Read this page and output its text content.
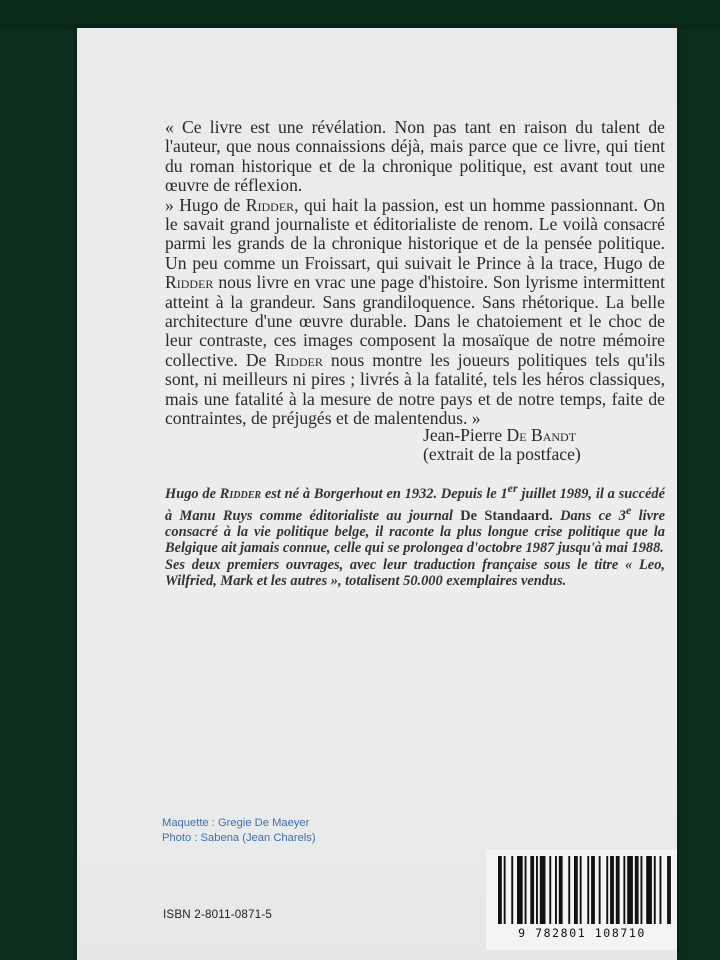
« Ce livre est une révélation. Non pas tant en raison du talent de l'auteur, que nous connaissions déjà, mais parce que ce livre, qui tient du roman historique et de la chronique politique, est avant tout une œuvre de réflexion.

» Hugo de Ridder, qui hait la passion, est un homme passionnant. On le savait grand journaliste et éditorialiste de renom. Le voilà consacré parmi les grands de la chronique historique et de la pensée politique. Un peu comme un Froissart, qui suivait le Prince à la trace, Hugo de Ridder nous livre en vrac une page d'histoire. Son lyrisme intermittent atteint à la grandeur. Sans grandiloquence. Sans rhétorique. La belle architecture d'une œuvre durable. Dans le chatoiement et le choc de leur contraste, ces images composent la mosaïque de notre mémoire collective. De Ridder nous montre les joueurs politiques tels qu'ils sont, ni meilleurs ni pires ; livrés à la fatalité, tels les héros classiques, mais une fatalité à la mesure de notre pays et de notre temps, faite de contraintes, de préjugés et de malentendus. »

Jean-Pierre De Bandt
(extrait de la postface)

Hugo de Ridder est né à Borgerhout en 1932. Depuis le 1er juillet 1989, il a succédé à Manu Ruys comme éditorialiste au journal De Standaard. Dans ce 3e livre consacré à la vie politique belge, il raconte la plus longue crise politique que la Belgique ait jamais connue, celle qui se prolongea d'octobre 1987 jusqu'à mai 1988.

Ses deux premiers ouvrages, avec leur traduction française sous le titre « Leo, Wilfried, Mark et les autres », totalisent 50.000 exemplaires vendus.

Maquette : Gregie De Maeyer
Photo : Sabena (Jean Charels)
ISBN 2-8011-0871-5
9 782801 108710
